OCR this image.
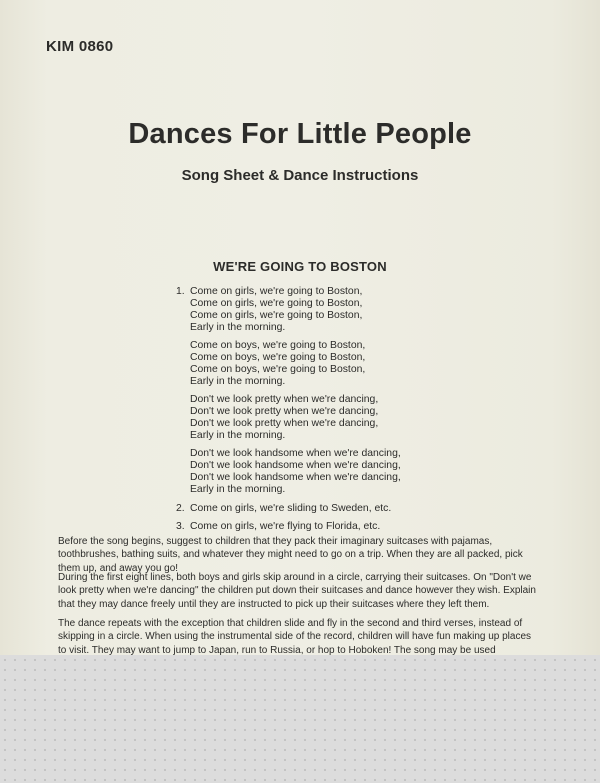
KIM 0860
Dances For Little People
Song Sheet & Dance Instructions
WE'RE GOING TO BOSTON
1. Come on girls, we're going to Boston,
Come on girls, we're going to Boston,
Come on girls, we're going to Boston,
Early in the morning.
Come on boys, we're going to Boston,
Come on boys, we're going to Boston,
Come on boys, we're going to Boston,
Early in the morning.
Don't we look pretty when we're dancing,
Don't we look pretty when we're dancing,
Don't we look pretty when we're dancing,
Early in the morning.
Don't we look handsome when we're dancing,
Don't we look handsome when we're dancing,
Don't we look handsome when we're dancing,
Early in the morning.
2. Come on girls, we're sliding to Sweden, etc.
3. Come on girls, we're flying to Florida, etc.
Before the song begins, suggest to children that they pack their imaginary suitcases with pajamas, toothbrushes, bathing suits, and whatever they might need to go on a trip. When they are all packed, pick them up, and away you go!
During the first eight lines, both boys and girls skip around in a circle, carrying their suitcases. On "Don't we look pretty when we're dancing" the children put down their suitcases and dance however they wish. Explain that they may dance freely until they are instructed to pick up their suitcases where they left them.
The dance repeats with the exception that children slide and fly in the second and third verses, instead of skipping in a circle. When using the instrumental side of the record, children will have fun making up places to visit. They may want to jump to Japan, run to Russia, or hop to Hoboken! The song may be used
